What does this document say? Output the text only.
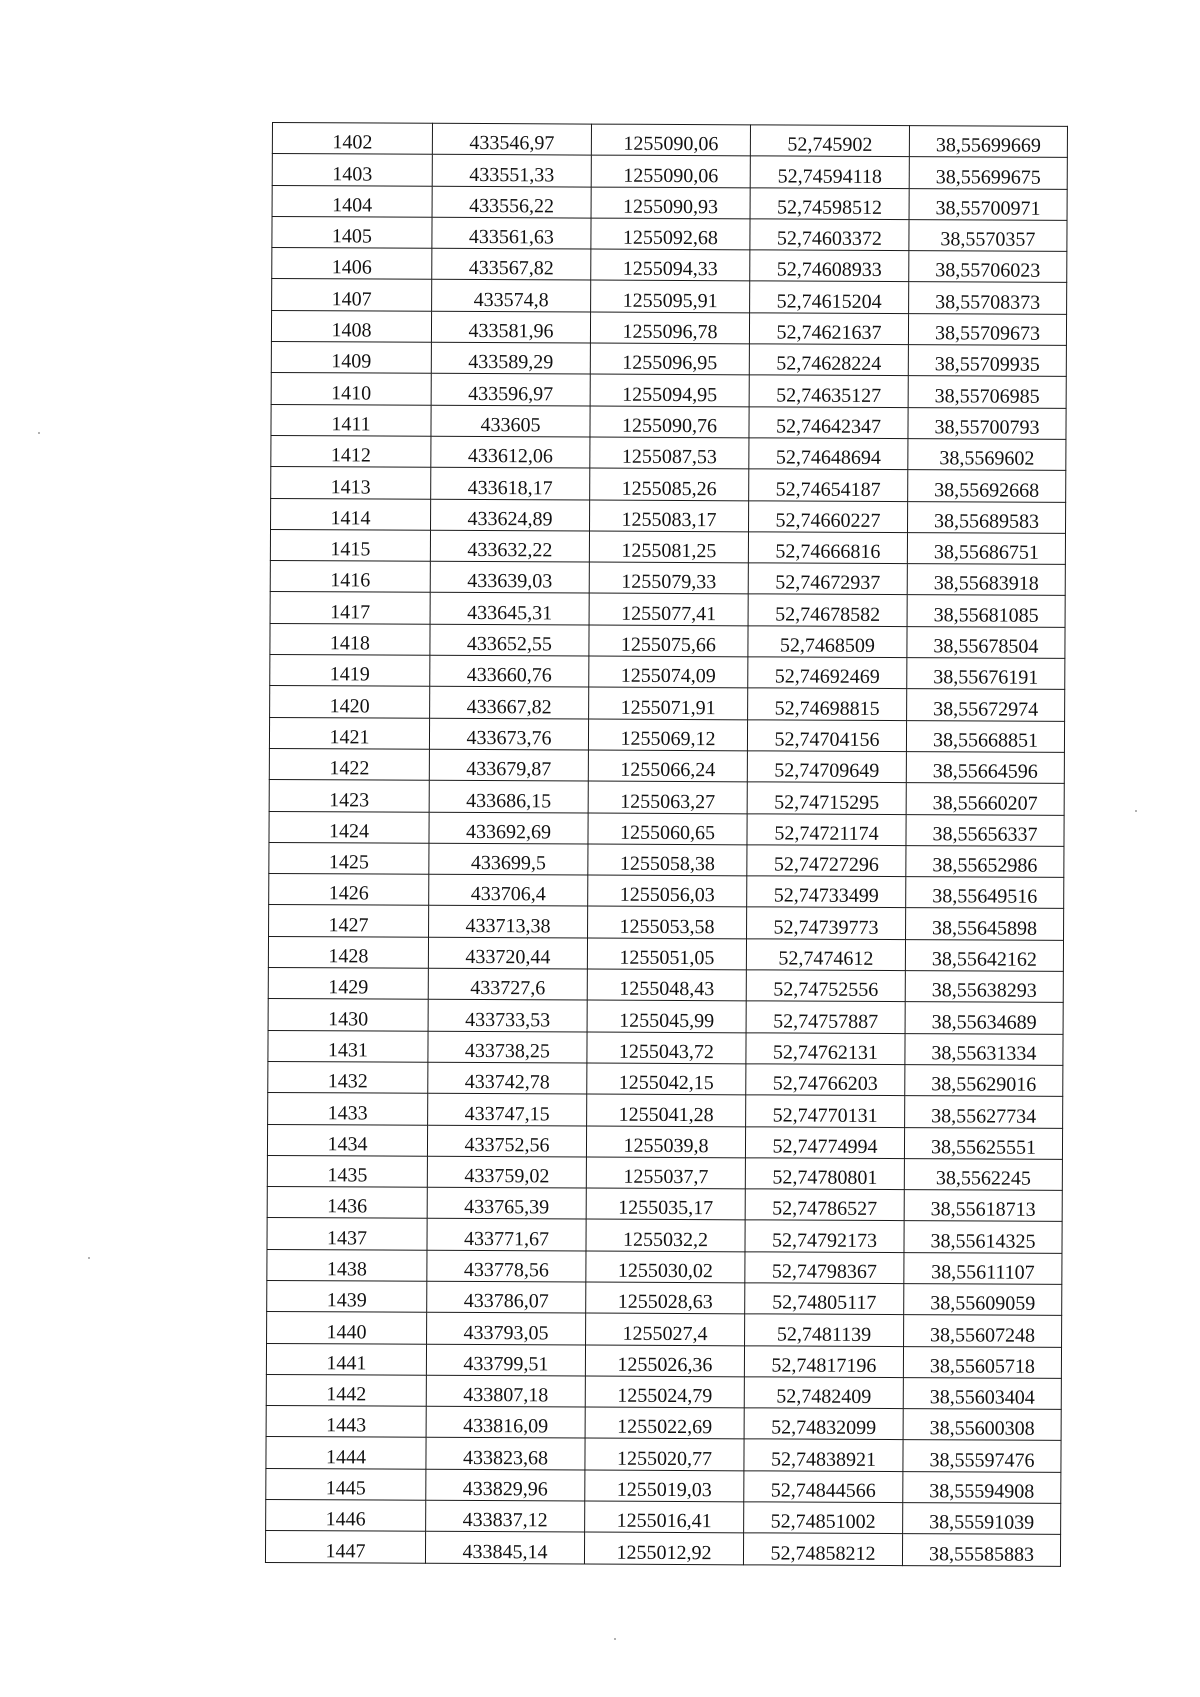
1402	433546,97	1255090,06	52,745902	38,55699669
1403	433551,33	1255090,06	52,74594118	38,55699675
1404	433556,22	1255090,93	52,74598512	38,55700971
1405	433561,63	1255092,68	52,74603372	38,5570357
1406	433567,82	1255094,33	52,74608933	38,55706023
1407	433574,8	1255095,91	52,74615204	38,55708373
1408	433581,96	1255096,78	52,74621637	38,55709673
1409	433589,29	1255096,95	52,74628224	38,55709935
1410	433596,97	1255094,95	52,74635127	38,55706985
1411	433605	1255090,76	52,74642347	38,55700793
1412	433612,06	1255087,53	52,74648694	38,5569602
1413	433618,17	1255085,26	52,74654187	38,55692668
1414	433624,89	1255083,17	52,74660227	38,55689583
1415	433632,22	1255081,25	52,74666816	38,55686751
1416	433639,03	1255079,33	52,74672937	38,55683918
1417	433645,31	1255077,41	52,74678582	38,55681085
1418	433652,55	1255075,66	52,7468509	38,55678504
1419	433660,76	1255074,09	52,74692469	38,55676191
1420	433667,82	1255071,91	52,74698815	38,55672974
1421	433673,76	1255069,12	52,74704156	38,55668851
1422	433679,87	1255066,24	52,74709649	38,55664596
1423	433686,15	1255063,27	52,74715295	38,55660207
1424	433692,69	1255060,65	52,74721174	38,55656337
1425	433699,5	1255058,38	52,74727296	38,55652986
1426	433706,4	1255056,03	52,74733499	38,55649516
1427	433713,38	1255053,58	52,74739773	38,55645898
1428	433720,44	1255051,05	52,7474612	38,55642162
1429	433727,6	1255048,43	52,74752556	38,55638293
1430	433733,53	1255045,99	52,74757887	38,55634689
1431	433738,25	1255043,72	52,74762131	38,55631334
1432	433742,78	1255042,15	52,74766203	38,55629016
1433	433747,15	1255041,28	52,74770131	38,55627734
1434	433752,56	1255039,8	52,74774994	38,55625551
1435	433759,02	1255037,7	52,74780801	38,5562245
1436	433765,39	1255035,17	52,74786527	38,55618713
1437	433771,67	1255032,2	52,74792173	38,55614325
1438	433778,56	1255030,02	52,74798367	38,55611107
1439	433786,07	1255028,63	52,74805117	38,55609059
1440	433793,05	1255027,4	52,7481139	38,55607248
1441	433799,51	1255026,36	52,74817196	38,55605718
1442	433807,18	1255024,79	52,7482409	38,55603404
1443	433816,09	1255022,69	52,74832099	38,55600308
1444	433823,68	1255020,77	52,74838921	38,55597476
1445	433829,96	1255019,03	52,74844566	38,55594908
1446	433837,12	1255016,41	52,74851002	38,55591039
1447	433845,14	1255012,92	52,74858212	38,55585883
